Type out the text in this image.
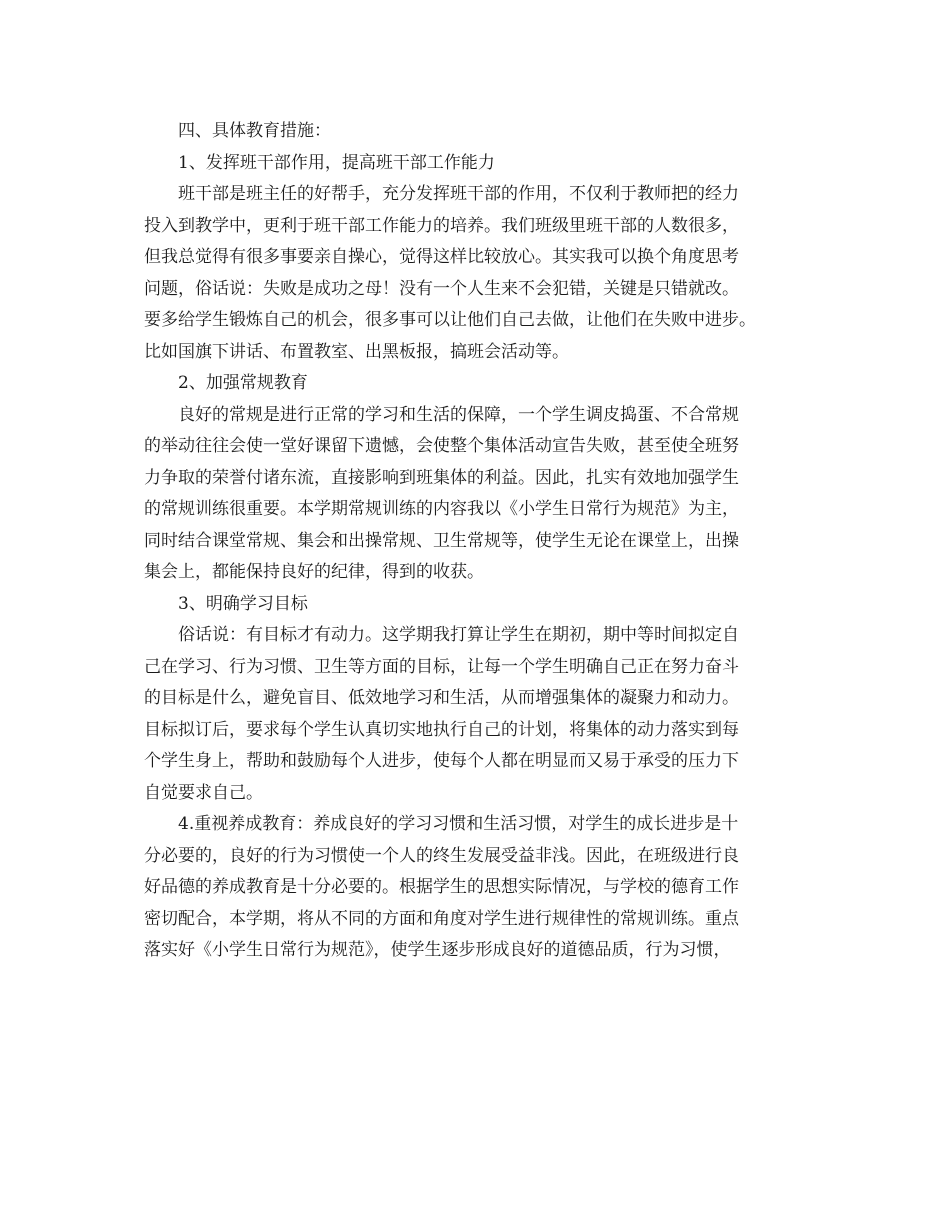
四、具体教育措施：
1、发挥班干部作用，提高班干部工作能力
班干部是班主任的好帮手，充分发挥班干部的作用，不仅利于教师把的经力
投入到教学中，更利于班干部工作能力的培养。我们班级里班干部的人数很多，
但我总觉得有很多事要亲自操心，觉得这样比较放心。其实我可以换个角度思考
问题，俗话说：失败是成功之母！没有一个人生来不会犯错，关键是只错就改。
要多给学生锻炼自己的机会，很多事可以让他们自己去做，让他们在失败中进步。
比如国旗下讲话、布置教室、出黑板报，搞班会活动等。
2、加强常规教育
良好的常规是进行正常的学习和生活的保障，一个学生调皮捣蛋、不合常规
的举动往往会使一堂好课留下遗憾，会使整个集体活动宣告失败，甚至使全班努
力争取的荣誉付诸东流，直接影响到班集体的利益。因此，扎实有效地加强学生
的常规训练很重要。本学期常规训练的内容我以《小学生日常行为规范》为主，
同时结合课堂常规、集会和出操常规、卫生常规等，使学生无论在课堂上，出操
集会上，都能保持良好的纪律，得到的收获。
3、明确学习目标
俗话说：有目标才有动力。这学期我打算让学生在期初，期中等时间拟定自
己在学习、行为习惯、卫生等方面的目标，让每一个学生明确自己正在努力奋斗
的目标是什么，避免盲目、低效地学习和生活，从而增强集体的凝聚力和动力。
目标拟订后，要求每个学生认真切实地执行自己的计划，将集体的动力落实到每
个学生身上，帮助和鼓励每个人进步，使每个人都在明显而又易于承受的压力下
自觉要求自己。
4.重视养成教育：养成良好的学习习惯和生活习惯，对学生的成长进步是十
分必要的，良好的行为习惯使一个人的终生发展受益非浅。因此，在班级进行良
好品德的养成教育是十分必要的。根据学生的思想实际情况，与学校的德育工作
密切配合，本学期，将从不同的方面和角度对学生进行规律性的常规训练。重点
落实好《小学生日常行为规范》，使学生逐步形成良好的道德品质，行为习惯，
